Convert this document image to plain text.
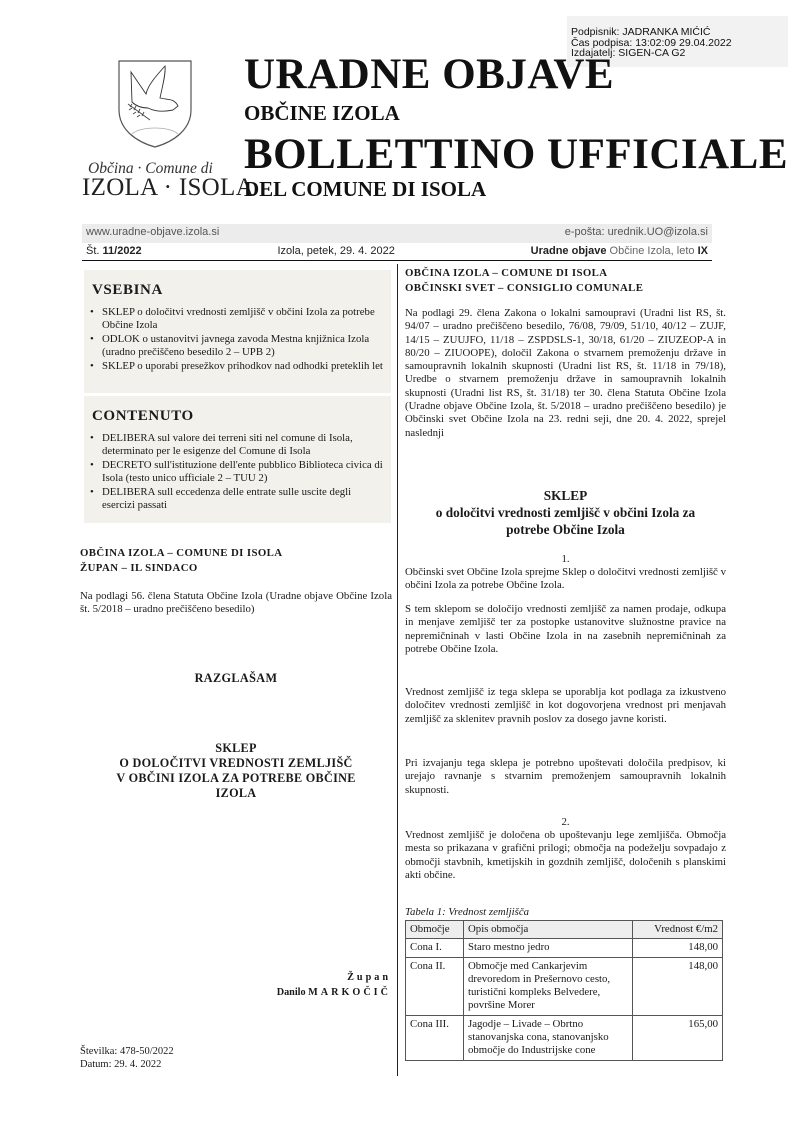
Podpisnik: JADRANKA MIĆIĆ
Čas podpisa: 13:02:09 29.04.2022
Izdajatelj: SIGEN-CA G2
Občina · Comune di
IZOLA · ISOLA
URADNE OBJAVE
OBČINE IZOLA
BOLLETTINO UFFICIALE
DEL COMUNE DI ISOLA
www.uradne-objave.izola.si	e-pošta: urednik.UO@izola.si
Št. 11/2022	Izola, petek, 29. 4. 2022	Uradne objave Občine Izola, leto IX
VSEBINA
• SKLEP o določitvi vrednosti zemljišč v občini Izola za potrebe Občine Izola
• ODLOK o ustanovitvi javnega zavoda Mestna knjižnica Izola (uradno prečiščeno besedilo 2 – UPB 2)
• SKLEP o uporabi presežkov prihodkov nad odhodki preteklih let
CONTENUTO
• DELIBERA sul valore dei terreni siti nel comune di Isola, determinato per le esigenze del Comune di Isola
• DECRETO sull'istituzione dell'ente pubblico Biblioteca civica di Isola (testo unico ufficiale 2 – TUU 2)
• DELIBERA sull eccedenza delle entrate sulle uscite degli esercizi passati
OBČINA IZOLA – COMUNE DI ISOLA
ŽUPAN – IL SINDACO
Na podlagi 56. člena Statuta Občine Izola (Uradne objave Občine Izola št. 5/2018 – uradno prečiščeno besedilo)
RAZGLAŠAM
SKLEP
O DOLOČITVI VREDNOSTI ZEMLJIŠČ
V OBČINI IZOLA ZA POTREBE OBČINE
IZOLA
Župan
Danilo MARKOČIČ
Številka: 478-50/2022
Datum: 29. 4. 2022
OBČINA IZOLA – COMUNE DI ISOLA
OBČINSKI SVET – CONSIGLIO COMUNALE
Na podlagi 29. člena Zakona o lokalni samoupravi (Uradni list RS, št. 94/07 – uradno prečiščeno besedilo, 76/08, 79/09, 51/10, 40/12 – ZUJF, 14/15 – ZUUJFO, 11/18 – ZSPDSLS-1, 30/18, 61/20 – ZIUZEOP-A in 80/20 – ZIUOOPE), določil Zakona o stvarnem premoženju države in samoupravnih lokalnih skupnosti (Uradni list RS, št. 11/18 in 79/18), Uredbe o stvarnem premoženju države in samoupravnih lokalnih skupnosti (Uradni list RS, št. 31/18) ter 30. člena Statuta Občine Izola (Uradne objave Občine Izola, št. 5/2018 – uradno prečiščeno besedilo) je Občinski svet Občine Izola na 23. redni seji, dne 20. 4. 2022, sprejel naslednji
SKLEP
o določitvi vrednosti zemljišč v občini Izola za
potrebe Občine Izola
1.
Občinski svet Občine Izola sprejme Sklep o določitvi vrednosti zemljišč v občini Izola za potrebe Občine Izola.
S tem sklepom se določijo vrednosti zemljišč za namen prodaje, odkupa in menjave zemljišč ter za postopke ustanovitve služnostne pravice na nepremičninah v lasti Občine Izola in na zasebnih nepremičninah za potrebe Občine Izola.
Vrednost zemljišč iz tega sklepa se uporablja kot podlaga za izkustveno določitev vrednosti zemljišč in kot dogovorjena vrednost pri menjavah zemljišč za sklenitev pravnih poslov za dosego javne koristi.
Pri izvajanju tega sklepa je potrebno upoštevati določila predpisov, ki urejajo ravnanje s stvarnim premoženjem samoupravnih lokalnih skupnosti.
2.
Vrednost zemljišč je določena ob upoštevanju lege zemljišča. Območja mesta so prikazana v grafični prilogi; območja na podeželju sovpadajo z območji stavbnih, kmetijskih in gozdnih zemljišč, določenih s planskimi akti občine.
Tabela 1: Vrednost zemljišča
Območje	Opis območja	Vrednost €/m2
Cona I.	Staro mestno jedro	148,00
Cona II.	Območje med Cankarjevim drevoredom in Prešernovo cesto, turistični kompleks Belvedere, površine Morer	148,00
Cona III.	Jagodje – Livade – Obrtno stanovanjska cona, stanovanjsko območje do Industrijske cone	165,00
